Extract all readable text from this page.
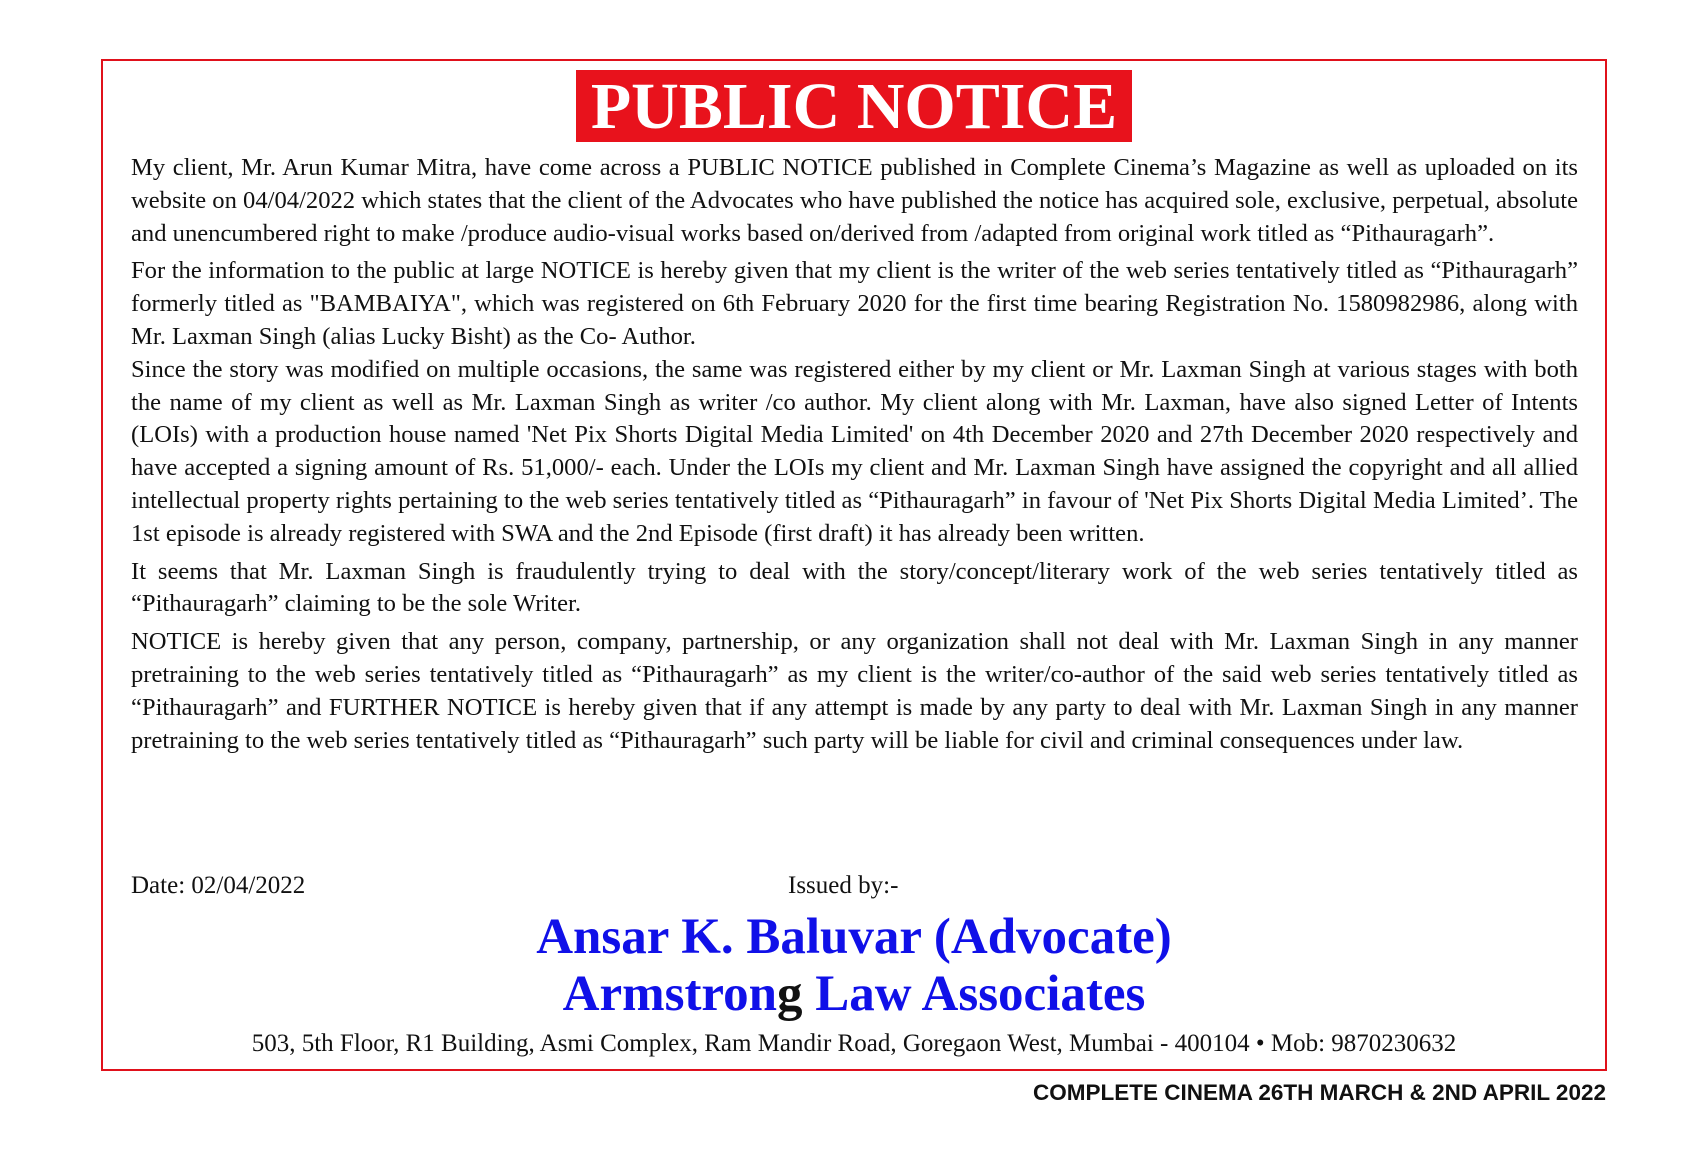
PUBLIC NOTICE

My client, Mr. Arun Kumar Mitra, have come across a PUBLIC NOTICE published in Complete Cinema’s Magazine as well as uploaded on its website on 04/04/2022 which states that the client of the Advocates who have published the notice has acquired sole, exclusive, perpetual, absolute and unencumbered right to make /produce audio-visual works based on/derived from /adapted from original work titled as “Pithauragarh”.

For the information to the public at large NOTICE is hereby given that my client is the writer of the web series tentatively titled as “Pithauragarh” formerly titled as "BAMBAIYA", which was registered on 6th February 2020 for the first time bearing Registration No. 1580982986, along with Mr. Laxman Singh (alias Lucky Bisht) as the Co- Author.

Since the story was modified on multiple occasions, the same was registered either by my client or Mr. Laxman Singh at various stages with both the name of my client as well as Mr. Laxman Singh as writer /co author. My client along with Mr. Laxman, have also signed Letter of Intents (LOIs) with a production house named 'Net Pix Shorts Digital Media Limited' on 4th December 2020 and 27th December 2020 respectively and have accepted a signing amount of Rs. 51,000/- each. Under the LOIs my client and Mr. Laxman Singh have assigned the copyright and all allied intellectual property rights pertaining to the web series tentatively titled as “Pithauragarh” in favour of 'Net Pix Shorts Digital Media Limited’. The 1st episode is already registered with SWA and the 2nd Episode (first draft) it has already been written.

It seems that Mr. Laxman Singh is fraudulently trying to deal with the story/concept/literary work of the web series tentatively titled as “Pithauragarh” claiming to be the sole Writer.

NOTICE is hereby given that any person, company, partnership, or any organization shall not deal with Mr. Laxman Singh in any manner pretraining to the web series tentatively titled as “Pithauragarh” as my client is the writer/co-author of the said web series tentatively titled as “Pithauragarh” and FURTHER NOTICE is hereby given that if any attempt is made by any party to deal with Mr. Laxman Singh in any manner pretraining to the web series tentatively titled as “Pithauragarh” such party will be liable for civil and criminal consequences under law.

Date: 02/04/2022	Issued by:-
Ansar K. Baluvar (Advocate)
Armstrong Law Associates
503, 5th Floor, R1 Building, Asmi Complex, Ram Mandir Road, Goregaon West, Mumbai - 400104 • Mob: 9870230632
COMPLETE CINEMA 26TH MARCH & 2ND APRIL 2022
